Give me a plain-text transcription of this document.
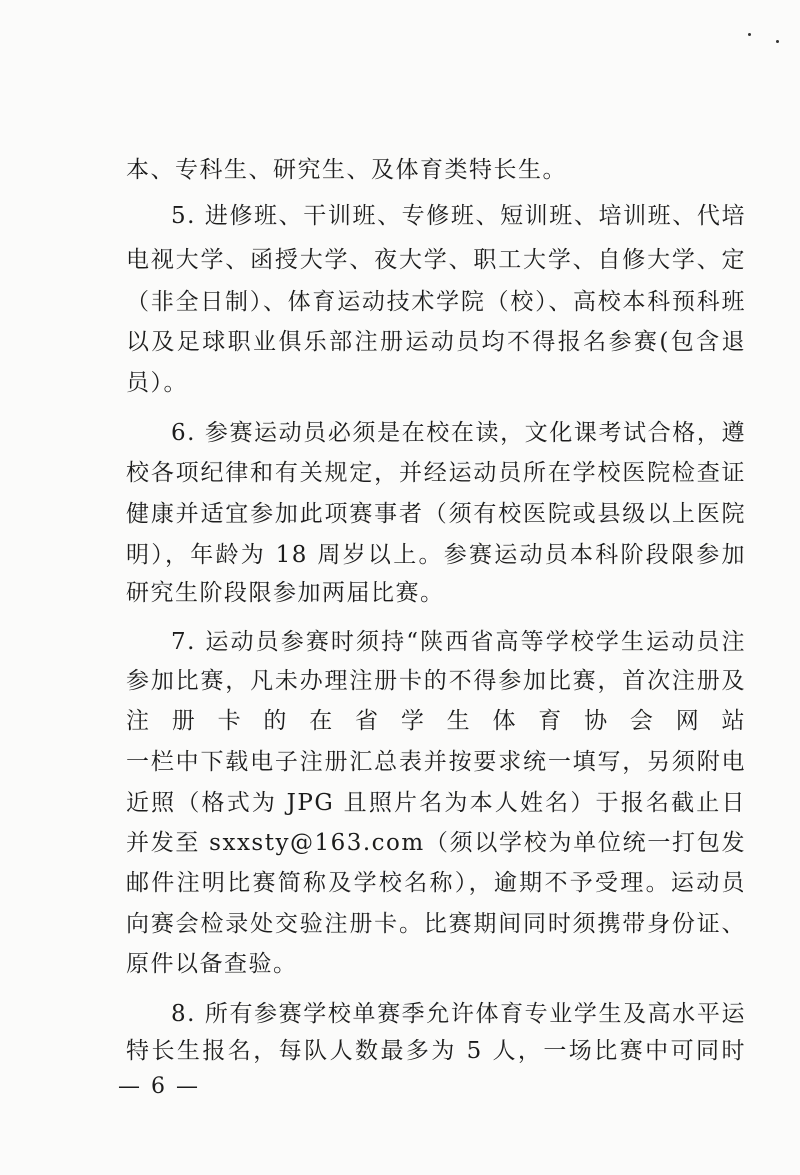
本、专科生、研究生、及体育类特长生。
5. 进修班、干训班、专修班、短训班、培训班、代培
电视大学、函授大学、夜大学、职工大学、自修大学、定
（非全日制）、体育运动技术学院（校）、高校本科预科班
以及足球职业俱乐部注册运动员均不得报名参赛(包含退
员）。
6. 参赛运动员必须是在校在读，文化课考试合格，遵
校各项纪律和有关规定，并经运动员所在学校医院检查证
健康并适宜参加此项赛事者（须有校医院或县级以上医院
明），年龄为 18 周岁以上。参赛运动员本科阶段限参加
研究生阶段限参加两届比赛。
7. 运动员参赛时须持“陕西省高等学校学生运动员注
参加比赛，凡未办理注册卡的不得参加比赛，首次注册及
注册卡的在省学生体育协会网站
一栏中下载电子注册汇总表并按要求统一填写，另须附电
近照（格式为 JPG 且照片名为本人姓名）于报名截止日
并发至 sxxsty@163.com（须以学校为单位统一打包发
邮件注明比赛简称及学校名称），逾期不予受理。运动员
向赛会检录处交验注册卡。比赛期间同时须携带身份证、
原件以备查验。
8. 所有参赛学校单赛季允许体育专业学生及高水平运
特长生报名，每队人数最多为 5 人，一场比赛中可同时
— 6 —
